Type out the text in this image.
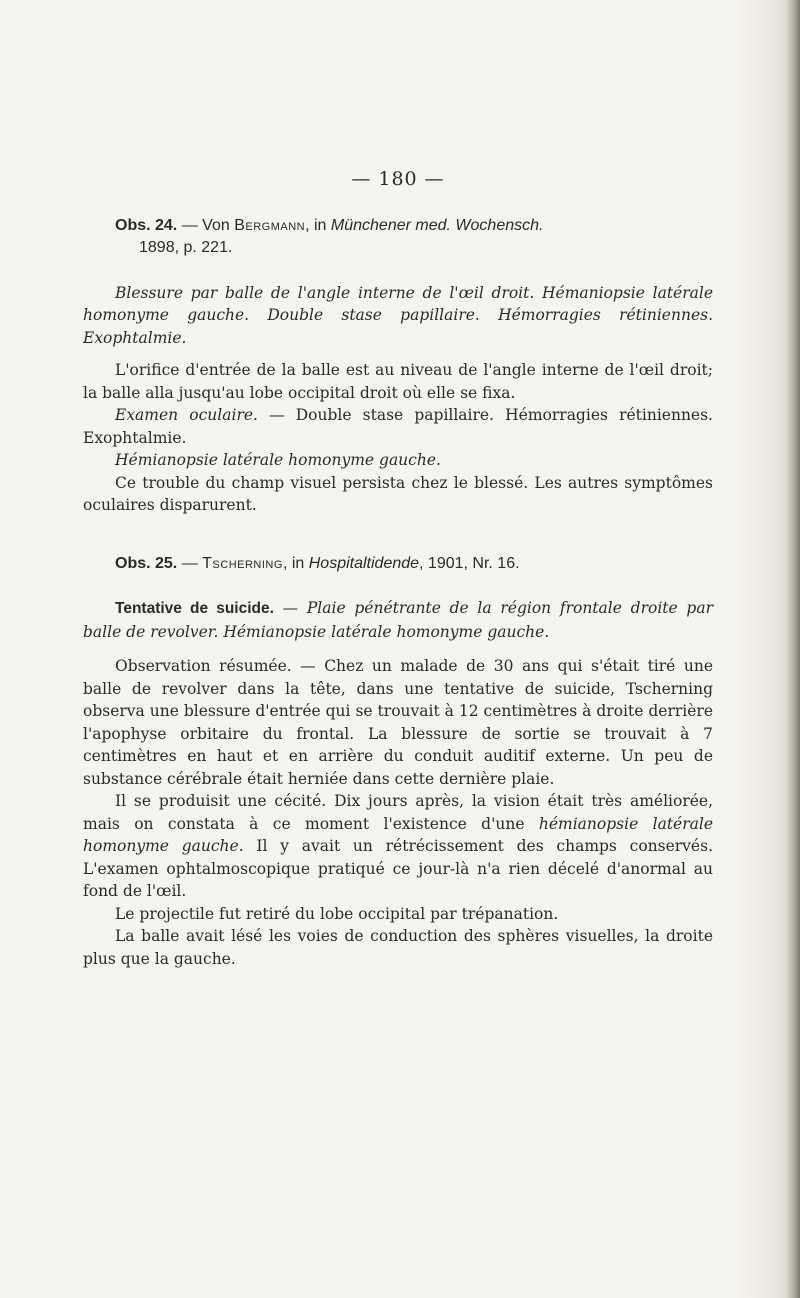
— 180 —

Obs. 24. — Von Bergmann, in Münchener med. Wochensch.

1898, p. 221.

Blessure par balle de l'angle interne de l'œil droit. Hémaniopsie latérale homonyme gauche. Double stase papillaire. Hémorragies rétiniennes. Exophtalmie.

L'orifice d'entrée de la balle est au niveau de l'angle interne de l'œil droit; la balle alla jusqu'au lobe occipital droit où elle se fixa.

Examen oculaire. — Double stase papillaire. Hémorragies rétiniennes. Exophtalmie.

Hémianopsie latérale homonyme gauche.

Ce trouble du champ visuel persista chez le blessé. Les autres symptômes oculaires disparurent.

Obs. 25. — Tscherning, in Hospitaltidende, 1901, Nr. 16.

Tentative de suicide. — Plaie pénétrante de la région frontale droite par balle de revolver. Hémianopsie latérale homonyme gauche.

Observation résumée. — Chez un malade de 30 ans qui s'était tiré une balle de revolver dans la tête, dans une tentative de suicide, Tscherning observa une blessure d'entrée qui se trouvait à 12 centimètres à droite derrière l'apophyse orbitaire du frontal. La blessure de sortie se trouvait à 7 centimètres en haut et en arrière du conduit auditif externe. Un peu de substance cérébrale était herniée dans cette dernière plaie.

Il se produisit une cécité. Dix jours après, la vision était très améliorée, mais on constata à ce moment l'existence d'une hémianopsie latérale homonyme gauche. Il y avait un rétrécissement des champs conservés. L'examen ophtalmoscopique pratiqué ce jour-là n'a rien décelé d'anormal au fond de l'œil.

Le projectile fut retiré du lobe occipital par trépanation.

La balle avait lésé les voies de conduction des sphères visuelles, la droite plus que la gauche.
